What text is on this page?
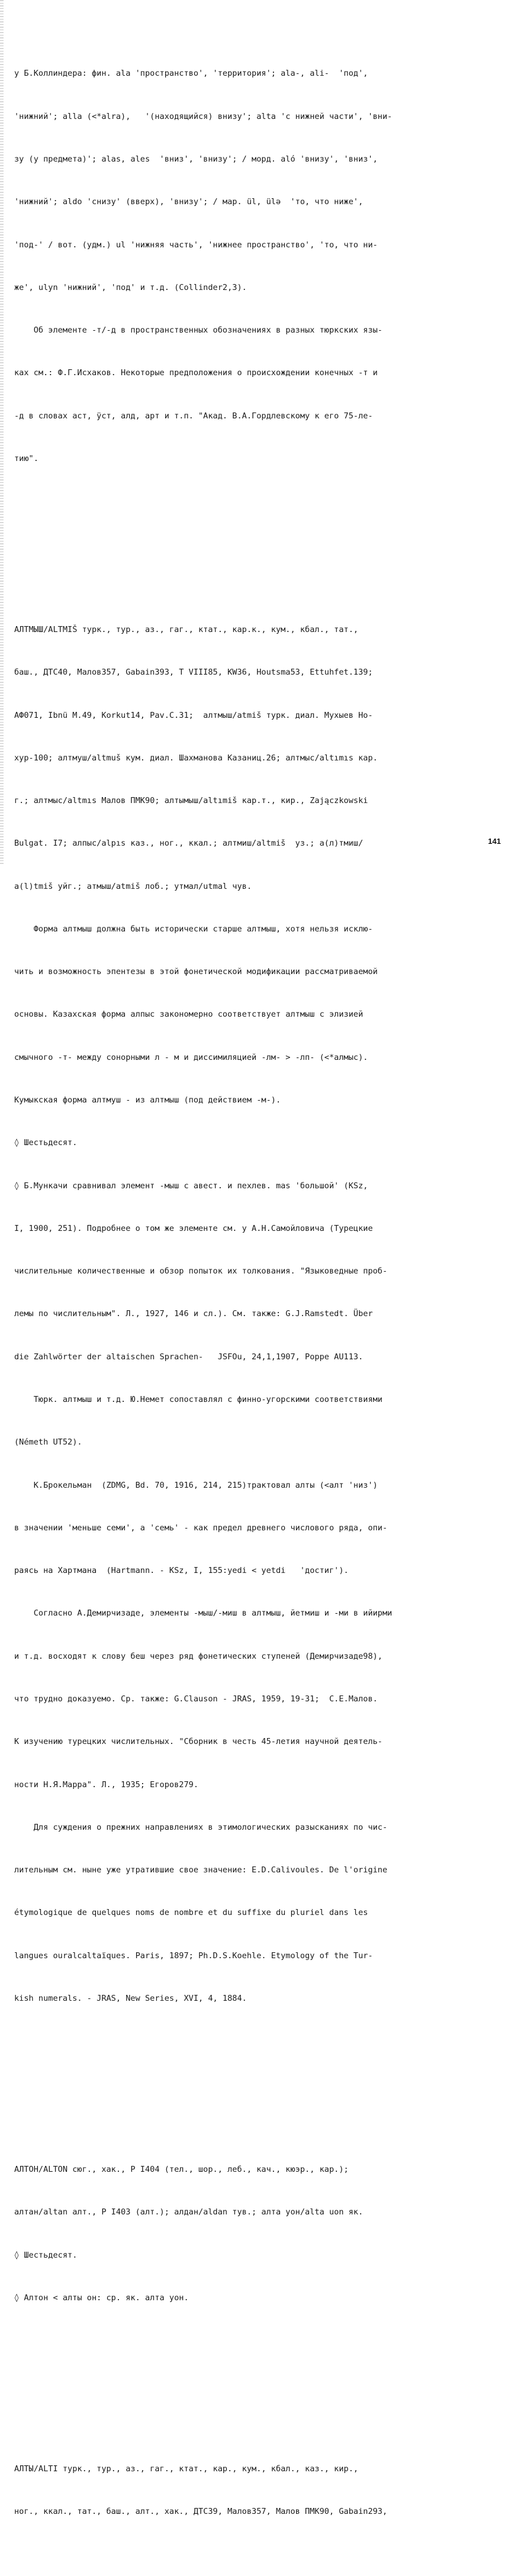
у Б.Коллиндера: фин. ala 'пространство', 'территория'; ala-, ali-  'под',

'нижний'; alla (<*alra),   '(находящийся) внизу'; alta 'с нижней части', 'вни-

зу (у предмета)'; alas, ales  'вниз', 'внизу'; / морд. alо́ 'внизу', 'вниз',

'нижний'; aldo 'снизу' (вверх), 'внизу'; / мар. ül, ülə  'то, что ниже',

'под-' / вот. (удм.) ul 'нижняя часть', 'нижнее пространство', 'то, что ни-

же', ulyn 'нижний', 'под' и т.д. (Collinder2,3).

Об элементе -т/-д в пространственных обозначениях в разных тюркских язы-

ках см.: Ф.Г.Исхаков. Некоторые предположения о происхождении конечных -т и

-д в словах аст, ӱст, алд, арт и т.п. "Акад. В.А.Гордлевскому к его 75-ле-

тию".

АЛТМЫШ/ALTMIŠ турк., тур., аз., гаг., ктат., кар.к., кум., кбал., тат.,

баш., ДТС40, Малов357, Gabain393, Т VIII85, KW36, Houtsma53, Ettuhfet.139;

АФ071, Ibnü M.49, Korkut14, Pav.C.31;  алтмыш/atmiš турк. диал. Мухыев Но-

хур-100; алтмуш/altmuš кум. диал. Шахманова Казаниц.26; алтмыс/altımıs кар.

г.; алтмыс/altmıs Малов ПМК90; алтымыш/altımiš кар.т., кир., Zajączkowski

Bulgat. I7; алпыс/alpıs каз., ног., ккал.; алтмиш/altmiš  уз.; а(л)тмиш/

a(l)tmiš уйг.; атмыш/atmiš лоб.; утмал/utmal чув.

Форма алтмыш должна быть исторически старше алтмыш, хотя нельзя исклю-

чить и возможность эпентезы в этой фонетической модификации рассматриваемой

основы. Казахская форма алпыс закономерно соответствует алтмыш с элизией

смычного -т- между сонорными л - м и диссимиляцией -лм- > -лп- (<*алмыс).

Кумыкская форма алтмуш - из алтмыш (под действием -м-).

◊ Шестьдесят.

◊ Б.Мункачи сравнивал элемент -мыш с авест. и пехлев. mas 'большой' (KSz,

I, 1900, 251). Подробнее о том же элементе см. у А.Н.Самойловича (Турецкие

числительные количественные и обзор попыток их толкования. "Языковедные проб-

лемы по числительным". Л., 1927, 146 и сл.). См. также: G.J.Ramstedt. Über

die Zahlwörter der altaischen Sprachen-   JSFOu, 24,1,1907, Poppe AU113.

Тюрк. алтмыш и т.д. Ю.Немет сопоставлял с финно-угорскими соответствиями

(Németh UT52).

К.Брокельман  (ZDMG, Bd. 70, 1916, 214, 215)трактовал алты (<алт 'низ')

в значении 'меньше семи', а 'семь' - как предел древнего числового ряда, опи-

раясь на Хартмана  (Hartmann. - KSz, I, 155:yedi < yetdi   'достиг').

Согласно А.Демирчизаде, элементы -мыш/-миш в алтмыш, йетмиш и -ми в ийирми

и т.д. восходят к слову беш через ряд фонетических ступеней (Демирчизаде98),

что трудно доказуемо. Ср. также: G.Clauson - JRAS, 1959, 19-31;  С.Е.Малов.

К изучению турецких числительных. "Сборник в честь 45-летия научной деятель-

ности Н.Я.Марра". Л., 1935; Егоров279.

Для суждения о прежних направлениях в этимологических разысканиях по чис-

лительным см. ныне уже утратившие свое значение: E.D.Calivoules. De l'origine

étymologique de quelques noms de nombre et du suffixe du pluriel dans les

langues ouralcaltaïques. Paris, 1897; Ph.D.S.Koehle. Etymology of the Tur-

kish numerals. - JRAS, New Series, XVI, 4, 1884.

АЛТОН/ALTON сюг., хак., Р I404 (тел., шор., леб., кач., кюэр., кар.);

алтан/altan алт., Р I403 (алт.); алдан/aldan тув.; алта уон/alta uon як.

◊ Шестьдесят.

◊ Алтон < алты он: ср. як. алта уон.

АЛТЫ/ALTI турк., тур., аз., гаг., ктат., кар., кум., кбал., каз., кир.,

ног., ккал., тат., баш., алт., хак., ДТС39, Малов357, Малов ПМК90, Gabain293,

141
